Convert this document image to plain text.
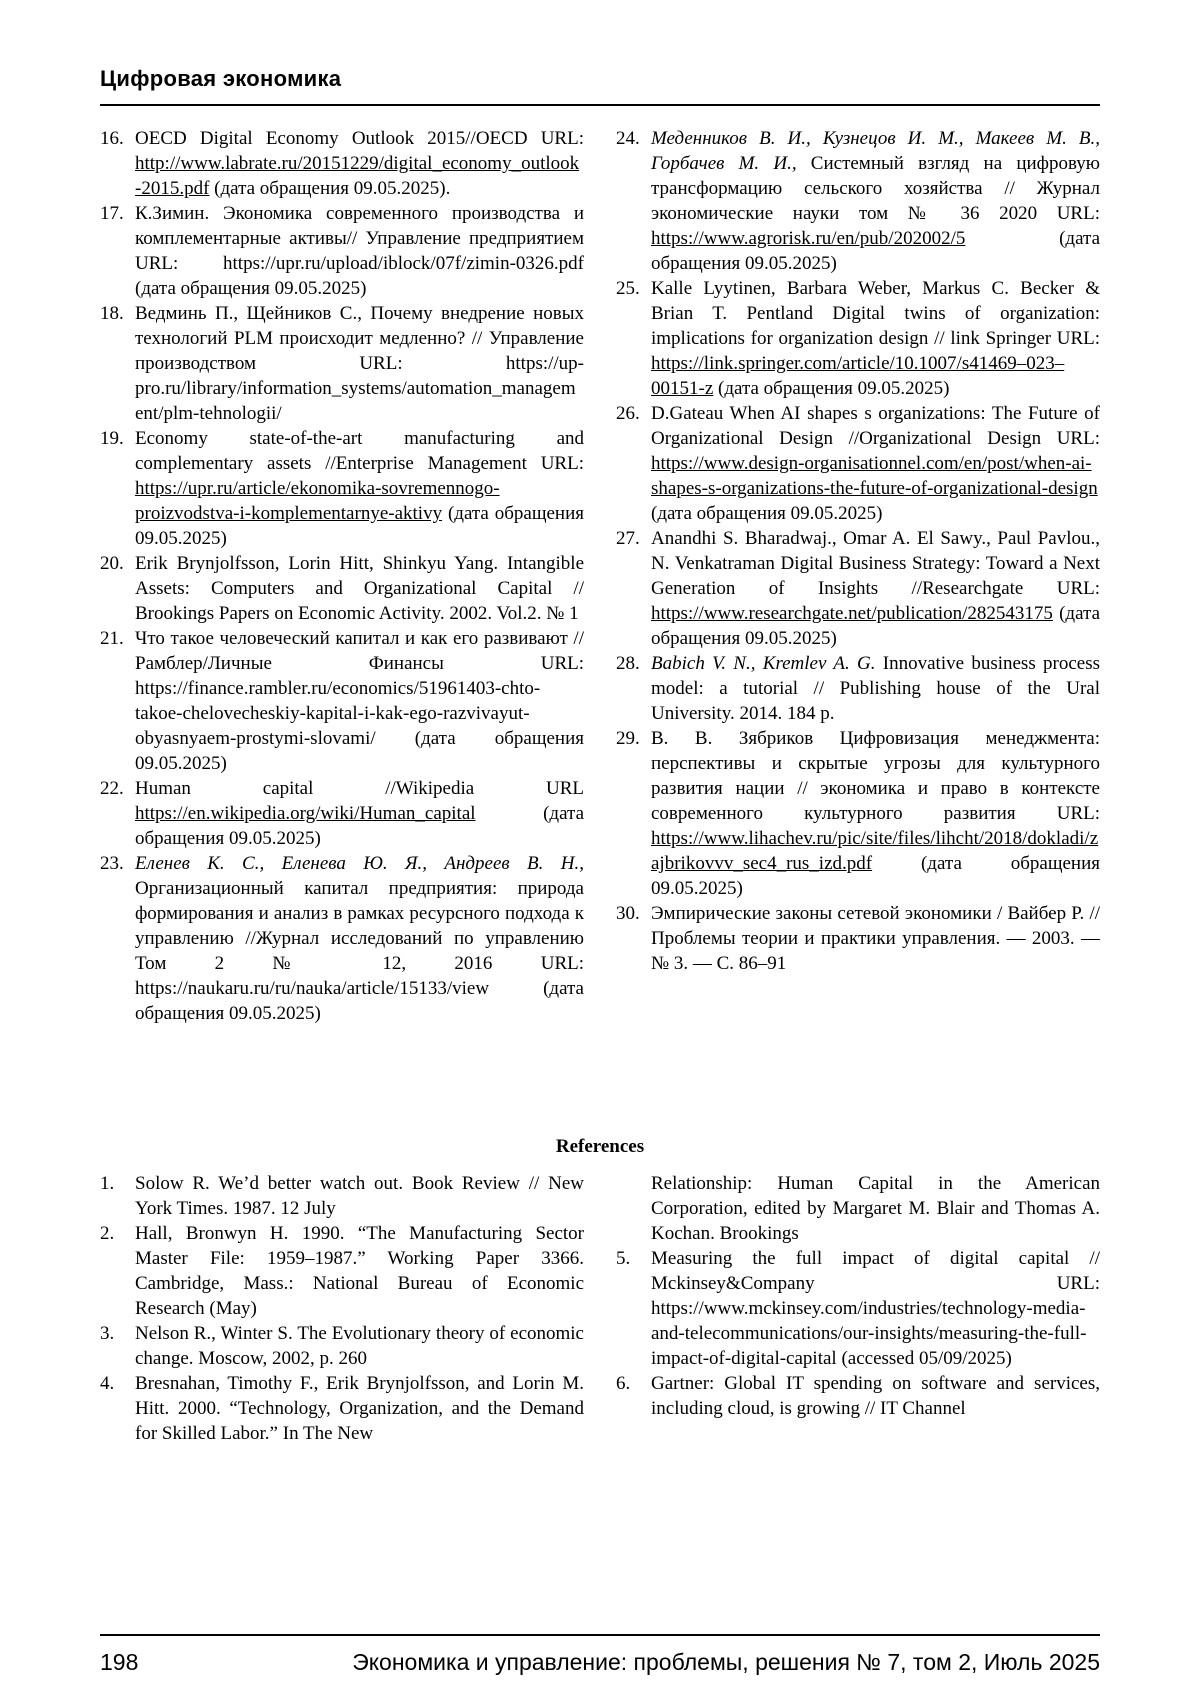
Цифровая экономика
16. OECD Digital Economy Outlook 2015//OECD URL: http://www.labrate.ru/20151229/digital_economy_outlook-2015.pdf (дата обращения 09.05.2025).
17. К.Зимин. Экономика современного производства и комплементарные активы// Управление предприятием URL: https://upr.ru/upload/iblock/07f/zimin-0326.pdf (дата обращения 09.05.2025)
18. Ведминь П., Щейников С., Почему внедрение новых технологий PLM происходит медленно? // Управление производством URL: https://up-pro.ru/library/information_systems/automation_management/plm-tehnologii/
19. Economy state-of-the-art manufacturing and complementary assets //Enterprise Management URL: https://upr.ru/article/ekonomika-sovremennogo-proizvodstva-i-komplementarnye-aktivy (дата обращения 09.05.2025)
20. Erik Brynjolfsson, Lorin Hitt, Shinkyu Yang. Intangible Assets: Computers and Organizational Capital // Brookings Papers on Economic Activity. 2002. Vol.2. № 1
21. Что такое человеческий капитал и как его развивают // Рамблер/Личные Финансы URL: https://finance.rambler.ru/economics/51961403-chto-takoe-chelovecheskiy-kapital-i-kak-ego-razvivayut-obyasnyaem-prostymi-slovami/ (дата обращения 09.05.2025)
22. Human capital //Wikipedia URL https://en.wikipedia.org/wiki/Human_capital (дата обращения 09.05.2025)
23. Еленев К. С., Еленева Ю. Я., Андреев В. Н., Организационный капитал предприятия: природа формирования и анализ в рамках ресурсного подхода к управлению //Журнал исследований по управлению Том 2 № 12, 2016 URL: https://naukaru.ru/ru/nauka/article/15133/view (дата обращения 09.05.2025)
24. Меденников В. И., Кузнецов И. М., Макеев М. В., Горбачев М. И., Системный взгляд на цифровую трансформацию сельского хозяйства // Журнал экономические науки том № 36 2020 URL: https://www.agrorisk.ru/en/pub/202002/5 (дата обращения 09.05.2025)
25. Kalle Lyytinen, Barbara Weber, Markus C. Becker & Brian T. Pentland Digital twins of organization: implications for organization design // link Springer URL: https://link.springer.com/article/10.1007/s41469–023–00151-z (дата обращения 09.05.2025)
26. D.Gateau When AI shapes s organizations: The Future of Organizational Design //Organizational Design URL: https://www.design-organisationnel.com/en/post/when-ai-shapes-s-organizations-the-future-of-organizational-design (дата обращения 09.05.2025)
27. Anandhi S. Bharadwaj., Omar A. El Sawy., Paul Pavlou., N. Venkatraman Digital Business Strategy: Toward a Next Generation of Insights //Researchgate URL: https://www.researchgate.net/publication/282543175 (дата обращения 09.05.2025)
28. Babich V. N., Kremlev A. G. Innovative business process model: a tutorial // Publishing house of the Ural University. 2014. 184 p.
29. В. В. Зябриков Цифровизация менеджмента: перспективы и скрытые угрозы для культурного развития нации // экономика и право в контексте современного культурного развития URL: https://www.lihachev.ru/pic/site/files/lihcht/2018/dokladi/zajbrikovvv_sec4_rus_izd.pdf (дата обращения 09.05.2025)
30. Эмпирические законы сетевой экономики / Вайбер Р. // Проблемы теории и практики управления. — 2003. — № 3. — С. 86–91
References
1. Solow R. We’d better watch out. Book Review // New York Times. 1987. 12 July
2. Hall, Bronwyn H. 1990. “The Manufacturing Sector Master File: 1959–1987.” Working Paper 3366. Cambridge, Mass.: National Bureau of Economic Research (May)
3. Nelson R., Winter S. The Evolutionary theory of economic change. Moscow, 2002, p. 260
4. Bresnahan, Timothy F., Erik Brynjolfsson, and Lorin M. Hitt. 2000. “Technology, Organization, and the Demand for Skilled Labor.” In The New
Relationship: Human Capital in the American Corporation, edited by Margaret M. Blair and Thomas A. Kochan. Brookings
5. Measuring the full impact of digital capital // Mckinsey&Company URL: https://www.mckinsey.com/industries/technology-media-and-telecommunications/our-insights/measuring-the-full-impact-of-digital-capital (accessed 05/09/2025)
6. Gartner: Global IT spending on software and services, including cloud, is growing // IT Channel
198	Экономика и управление: проблемы, решения № 7, том 2, Июль 2025
